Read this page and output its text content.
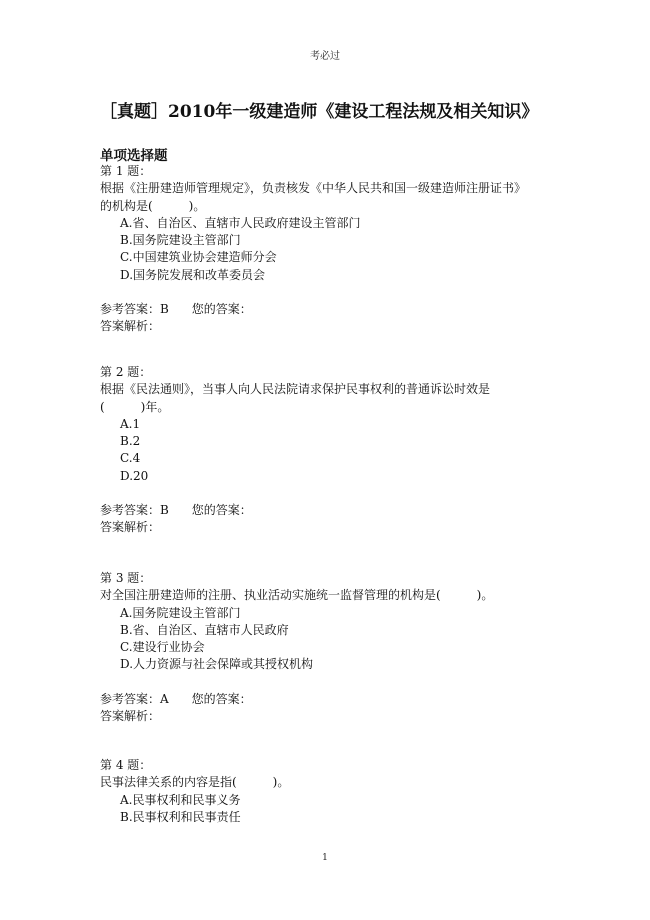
考必过
［真题］2010年一级建造师《建设工程法规及相关知识》
单项选择题

第 1 题：

根据《注册建造师管理规定》，负责核发《中华人民共和国一级建造师注册证书》

的机构是(　　　)。

A.省、自治区、直辖市人民政府建设主管部门

B.国务院建设主管部门

C.中国建筑业协会建造师分会

D.国务院发展和改革委员会

参考答案：B 您的答案：

答案解析：

第 2 题：

根据《民法通则》，当事人向人民法院请求保护民事权利的普通诉讼时效是

(　　　)年。

A.1

B.2

C.4

D.20

参考答案：B 您的答案：

答案解析：

第 3 题：

对全国注册建造师的注册、执业活动实施统一监督管理的机构是(　　　)。

A.国务院建设主管部门

B.省、自治区、直辖市人民政府

C.建设行业协会

D.人力资源与社会保障或其授权机构

参考答案：A 您的答案：

答案解析：

第 4 题：

民事法律关系的内容是指(　　　)。

A.民事权利和民事义务

B.民事权利和民事责任

1
